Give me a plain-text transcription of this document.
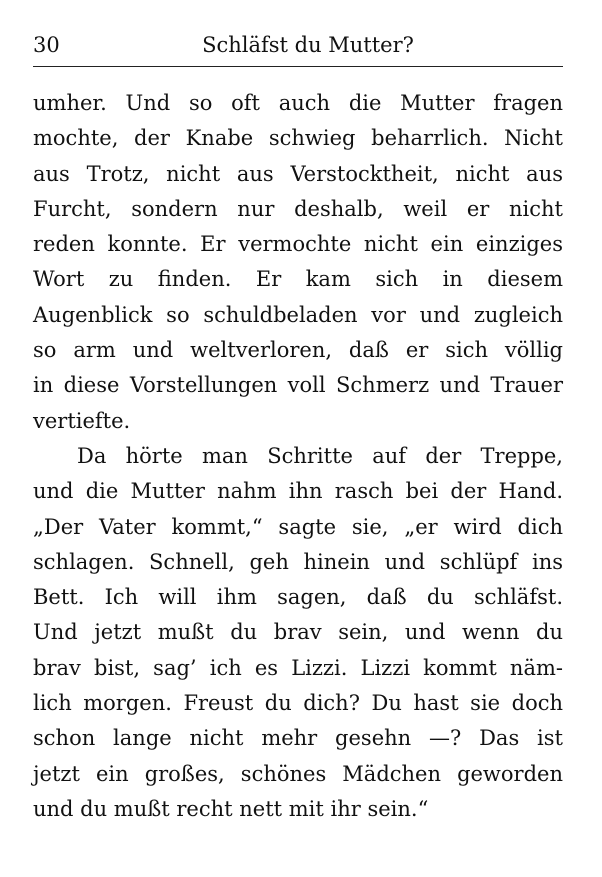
30	Schläfst du Mutter?
umher. Und so oft auch die Mutter fragen
mochte, der Knabe schwieg beharrlich. Nicht
aus Trotz, nicht aus Verstocktheit, nicht aus
Furcht, sondern nur deshalb, weil er nicht
reden konnte. Er vermochte nicht ein einziges
Wort zu finden. Er kam sich in diesem
Augenblick so schuldbeladen vor und zugleich
so arm und weltverloren, daß er sich völlig
in diese Vorstellungen voll Schmerz und Trauer
vertiefte.
Da hörte man Schritte auf der Treppe,
und die Mutter nahm ihn rasch bei der Hand.
„Der Vater kommt,“ sagte sie, „er wird dich
schlagen. Schnell, geh hinein und schlüpf ins
Bett. Ich will ihm sagen, daß du schläfst.
Und jetzt mußt du brav sein, und wenn du
brav bist, sag’ ich es Lizzi. Lizzi kommt näm-
lich morgen. Freust du dich? Du hast sie doch
schon lange nicht mehr gesehn —? Das ist
jetzt ein großes, schönes Mädchen geworden
und du mußt recht nett mit ihr sein.“
